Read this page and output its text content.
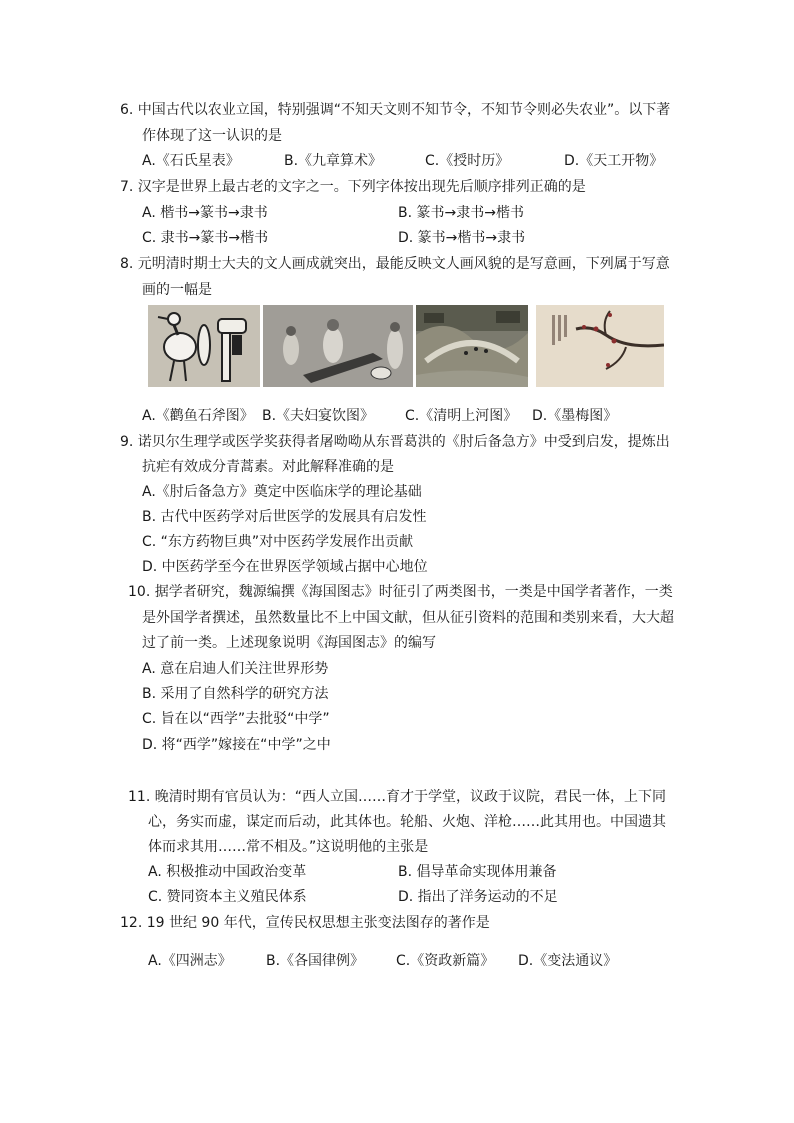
6. 中国古代以农业立国，特别强调“不知天文则不知节令，不知节令则必失农业”。以下著
作体现了这一认识的是
A.《石氏星表》	B.《九章算术》	C.《授时历》	D.《天工开物》
7. 汉字是世界上最古老的文字之一。下列字体按出现先后顺序排列正确的是
A. 楷书→篆书→隶书	B. 篆书→隶书→楷书
C. 隶书→篆书→楷书	D. 篆书→楷书→隶书
8. 元明清时期士大夫的文人画成就突出，最能反映文人画风貌的是写意画，下列属于写意
画的一幅是
A.《鹳鱼石斧图》 B.《夫妇宴饮图》 C.《清明上河图》 D.《墨梅图》
9. 诺贝尔生理学或医学奖获得者屠呦呦从东晋葛洪的《肘后备急方》中受到启发，提炼出
抗疟有效成分青蒿素。对此解释准确的是
A.《肘后备急方》奠定中医临床学的理论基础
B. 古代中医药学对后世医学的发展具有启发性
C. “东方药物巨典”对中医药学发展作出贡献
D. 中医药学至今在世界医学领域占据中心地位
10. 据学者研究，魏源编撰《海国图志》时征引了两类图书，一类是中国学者著作，一类
是外国学者撰述，虽然数量比不上中国文献，但从征引资料的范围和类别来看，大大超
过了前一类。上述现象说明《海国图志》的编写
A. 意在启迪人们关注世界形势
B. 采用了自然科学的研究方法
C. 旨在以“西学”去批驳“中学”
D. 将“西学”嫁接在“中学”之中
11. 晚清时期有官员认为：“西人立国……育才于学堂，议政于议院，君民一体，上下同
心，务实而虚，谋定而后动，此其体也。轮船、火炮、洋枪……此其用也。中国遗其
体而求其用……常不相及。”这说明他的主张是
A. 积极推动中国政治变革	B. 倡导革命实现体用兼备
C. 赞同资本主义殖民体系	D. 指出了洋务运动的不足
12. 19 世纪 90 年代，宣传民权思想主张变法图存的著作是
A.《四洲志》 B.《各国律例》 C.《资政新篇》 D.《变法通议》
